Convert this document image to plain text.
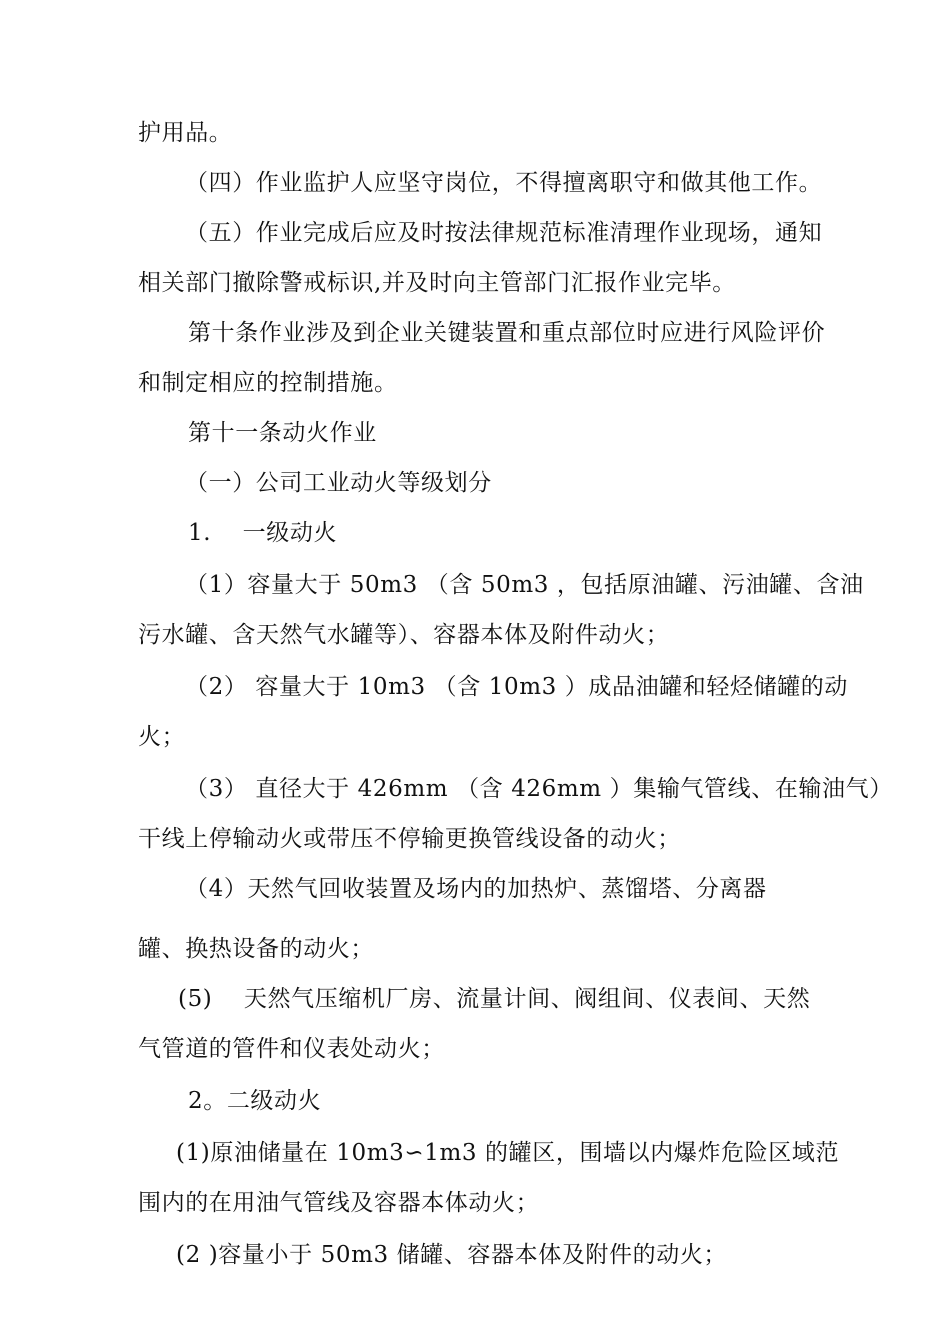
护用品。
（四）作业监护人应坚守岗位，不得擅离职守和做其他工作。
（五）作业完成后应及时按法律规范标准清理作业现场，通知
相关部门撤除警戒标识,并及时向主管部门汇报作业完毕。
第十条作业涉及到企业关键装置和重点部位时应进行风险评价
和制定相应的控制措施。
第十一条动火作业
（一）公司工业动火等级划分
1.　 一级动火
（1）容量大于 50m3 （含 50m3 ，包括原油罐、污油罐、含油
污水罐、含天然气水罐等）、容器本体及附件动火；
（2） 容量大于 10m3 （含 10m3 ）成品油罐和轻烃储罐的动
火；
（3） 直径大于 426mm （含 426mm ）集输气管线、在输油气）
干线上停输动火或带压不停输更换管线设备的动火；
（4）天然气回收装置及场内的加热炉、蒸馏塔、分离器
罐、换热设备的动火；
(5)　 天然气压缩机厂房、流量计间、阀组间、仪表间、天然
气管道的管件和仪表处动火；
2。二级动火
(1)原油储量在 10m3∽1m3 的罐区，围墙以内爆炸危险区域范
围内的在用油气管线及容器本体动火；
(2 )容量小于 50m3 储罐、容器本体及附件的动火；
